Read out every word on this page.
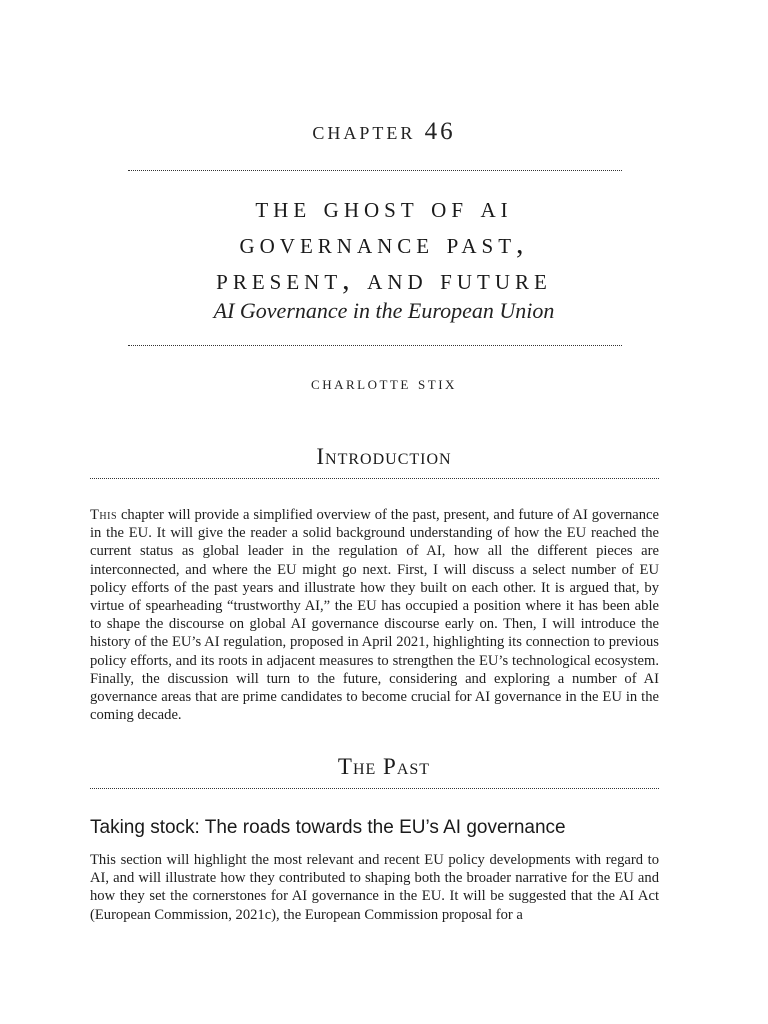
chapter 46
the ghost of ai
governance past,
present, and future
AI Governance in the European Union
charlotte stix
Introduction
This chapter will provide a simplified overview of the past, present, and future of AI governance in the EU. It will give the reader a solid background understanding of how the EU reached the current status as global leader in the regulation of AI, how all the different pieces are interconnected, and where the EU might go next. First, I will discuss a select number of EU policy efforts of the past years and illustrate how they built on each other. It is argued that, by virtue of spearheading “trustworthy AI,” the EU has occupied a position where it has been able to shape the discourse on global AI governance discourse early on. Then, I will introduce the history of the EU’s AI regulation, proposed in April 2021, highlighting its connection to previous policy efforts, and its roots in adjacent measures to strengthen the EU’s technological ecosystem. Finally, the discussion will turn to the future, considering and exploring a number of AI governance areas that are prime candidates to become crucial for AI governance in the EU in the coming decade.
The Past
Taking stock: The roads towards the EU’s AI governance
This section will highlight the most relevant and recent EU policy developments with regard to AI, and will illustrate how they contributed to shaping both the broader narrative for the EU and how they set the cornerstones for AI governance in the EU. It will be suggested that the AI Act (European Commission, 2021c), the European Commission proposal for a
